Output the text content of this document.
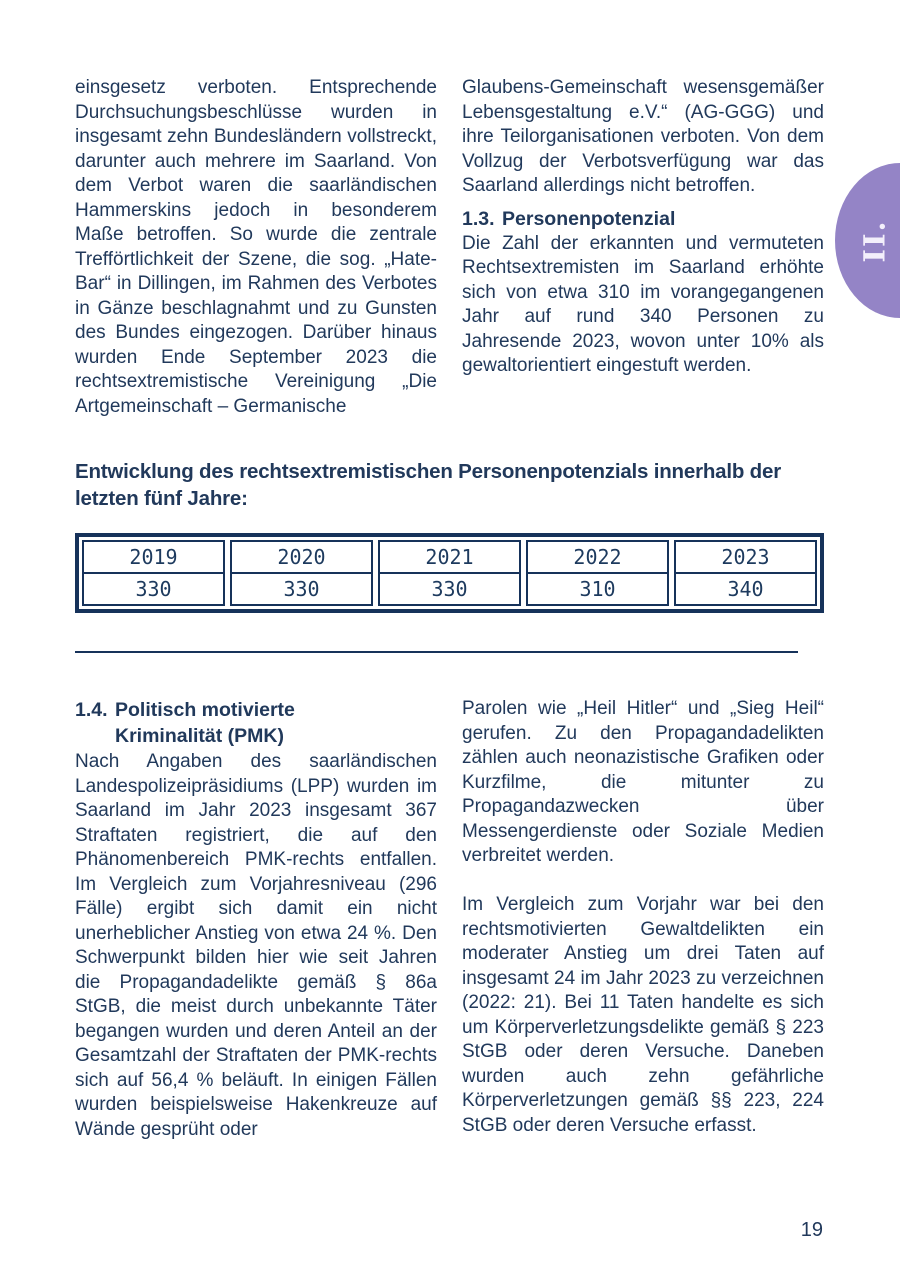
einsgesetz verboten. Entsprechende Durchsuchungsbeschlüsse wurden in insgesamt zehn Bundesländern vollstreckt, darunter auch mehrere im Saarland. Von dem Verbot waren die saarländischen Hammerskins jedoch in besonderem Maße betroffen. So wurde die zentrale Trefförtlichkeit der Szene, die sog. „Hate-Bar“ in Dillingen, im Rahmen des Verbotes in Gänze beschlagnahmt und zu Gunsten des Bundes eingezogen. Darüber hinaus wurden Ende September 2023 die rechtsextremistische Vereinigung „Die Artgemeinschaft – Germanische

Glaubens-Gemeinschaft wesensgemäßer Lebensgestaltung e.V.“ (AG-GGG) und ihre Teilorganisationen verboten. Von dem Vollzug der Verbotsverfügung war das Saarland allerdings nicht betroffen.

1.3. Personenpotenzial

Die Zahl der erkannten und vermuteten Rechtsextremisten im Saarland erhöhte sich von etwa 310 im vorangegangenen Jahr auf rund 340 Personen zu Jahresende 2023, wovon unter 10% als gewaltorientiert eingestuft werden.

Entwicklung des rechtsextremistischen Personenpotenzials innerhalb der letzten fünf Jahre:
2019
330
2020
330
2021
330
2022
310
2023
340
1.4. Politisch motivierte
Kriminalität (PMK)

Nach Angaben des saarländischen Landespolizeipräsidiums (LPP) wurden im Saarland im Jahr 2023 insgesamt 367 Straftaten registriert, die auf den Phänomenbereich PMK-rechts entfallen. Im Vergleich zum Vorjahresniveau (296 Fälle) ergibt sich damit ein nicht unerheblicher Anstieg von etwa 24 %. Den Schwerpunkt bilden hier wie seit Jahren die Propagandadelikte gemäß § 86a StGB, die meist durch unbekannte Täter begangen wurden und deren Anteil an der Gesamtzahl der Straftaten der PMK-rechts sich auf 56,4 % beläuft. In einigen Fällen wurden beispielsweise Hakenkreuze auf Wände gesprüht oder

Parolen wie „Heil Hitler“ und „Sieg Heil“ gerufen. Zu den Propagandadelikten zählen auch neonazistische Grafiken oder Kurzfilme, die mitunter zu Propagandazwecken über Messengerdienste oder Soziale Medien verbreitet werden.

Im Vergleich zum Vorjahr war bei den rechtsmotivierten Gewaltdelikten ein moderater Anstieg um drei Taten auf insgesamt 24 im Jahr 2023 zu verzeichnen (2022: 21). Bei 11 Taten handelte es sich um Körperverletzungsdelikte gemäß § 223 StGB oder deren Versuche. Daneben wurden auch zehn gefährliche Körperverletzungen gemäß §§ 223, 224 StGB oder deren Versuche erfasst.

II.
19
